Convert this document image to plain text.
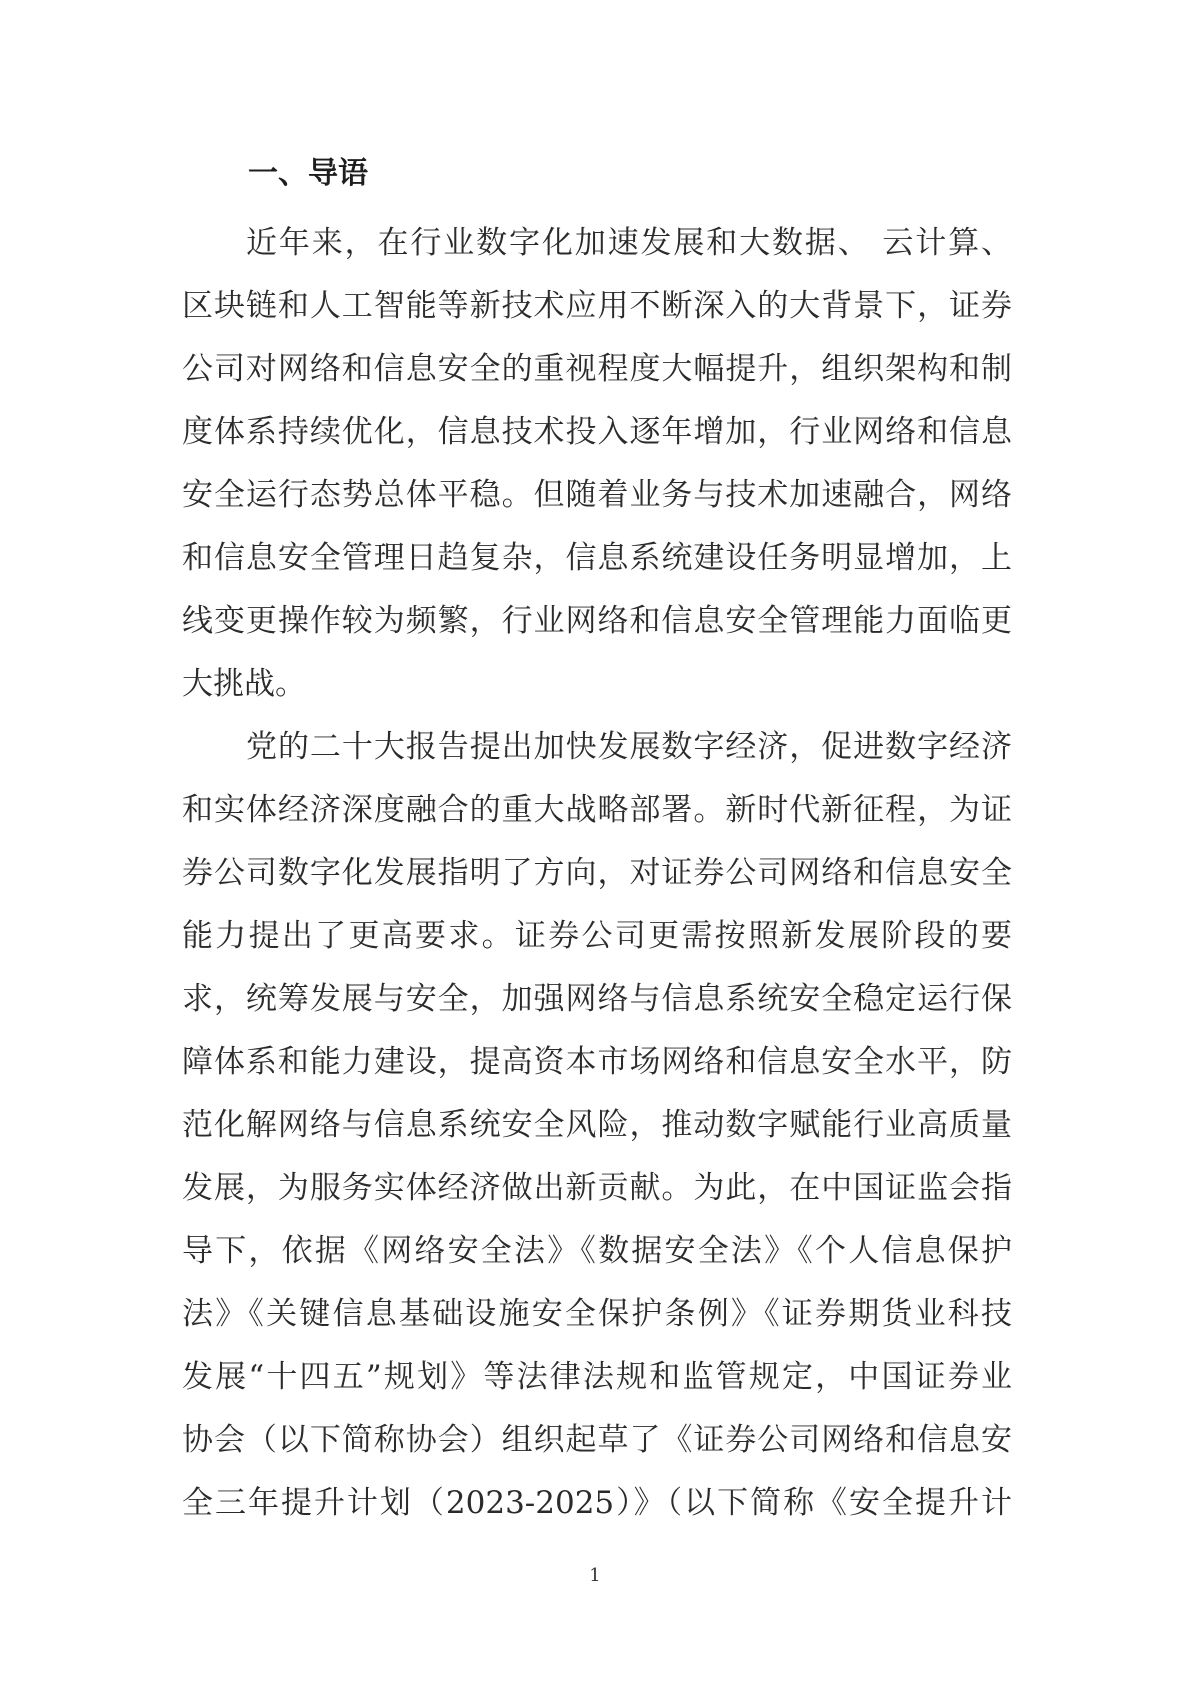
一、导语

近年来，在行业数字化加速发展和大数据、 云计算、
区块链和人工智能等新技术应用不断深入的大背景下，证券
公司对网络和信息安全的重视程度大幅提升，组织架构和制
度体系持续优化，信息技术投入逐年增加，行业网络和信息
安全运行态势总体平稳。但随着业务与技术加速融合，网络
和信息安全管理日趋复杂，信息系统建设任务明显增加，上
线变更操作较为频繁，行业网络和信息安全管理能力面临更
大挑战。

党的二十大报告提出加快发展数字经济，促进数字经济
和实体经济深度融合的重大战略部署。新时代新征程，为证
券公司数字化发展指明了方向，对证券公司网络和信息安全
能力提出了更高要求。证券公司更需按照新发展阶段的要
求，统筹发展与安全，加强网络与信息系统安全稳定运行保
障体系和能力建设，提高资本市场网络和信息安全水平，防
范化解网络与信息系统安全风险，推动数字赋能行业高质量
发展，为服务实体经济做出新贡献。为此，在中国证监会指
导下，依据《网络安全法》《数据安全法》《个人信息保护
法》《关键信息基础设施安全保护条例》《证券期货业科技
发展“十四五”规划》等法律法规和监管规定，中国证券业
协会（以下简称协会）组织起草了《证券公司网络和信息安
全三年提升计划（2023-2025）》（以下简称《安全提升计

1
